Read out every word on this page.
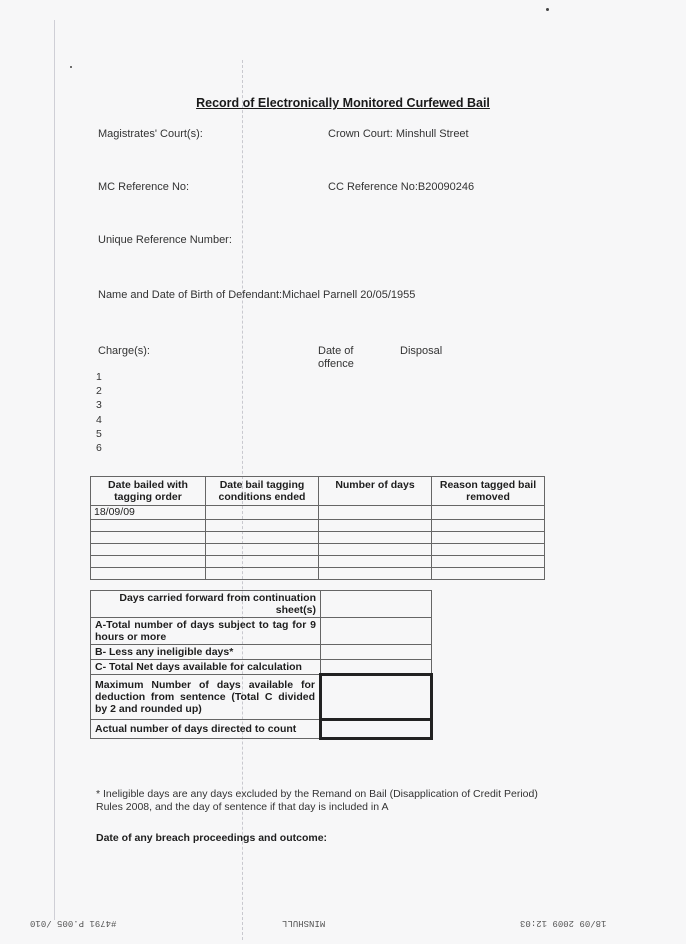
Record of Electronically Monitored Curfewed Bail
Magistrates' Court(s):	Crown Court: Minshull Street
MC Reference No:	CC Reference No:B20090246
Unique Reference Number:
Name and Date of Birth of Defendant:Michael Parnell 20/05/1955
Charge(s):	Date of offence
Disposal
1
2
3
4
5
6
Date bailed with tagging order	Date bail tagging conditions ended	Number of days	Reason tagged bail removed
18/09/09			

Days carried forward from continuation sheet(s)	
A-Total number of days subject to tag for 9 hours or more	
B- Less any ineligible days*	
C- Total Net days available for calculation	
Maximum Number of days available for deduction from sentence (Total C divided by 2 and rounded up)	
Actual number of days directed to count	
* Ineligible days are any days excluded by the Remand on Bail (Disapplication of Credit Period) Rules 2008, and the day of sentence if that day is included in A
Date of any breach proceedings and outcome:
#4791 P.005 /010	MINSHULL	18/09 2009 12:03
